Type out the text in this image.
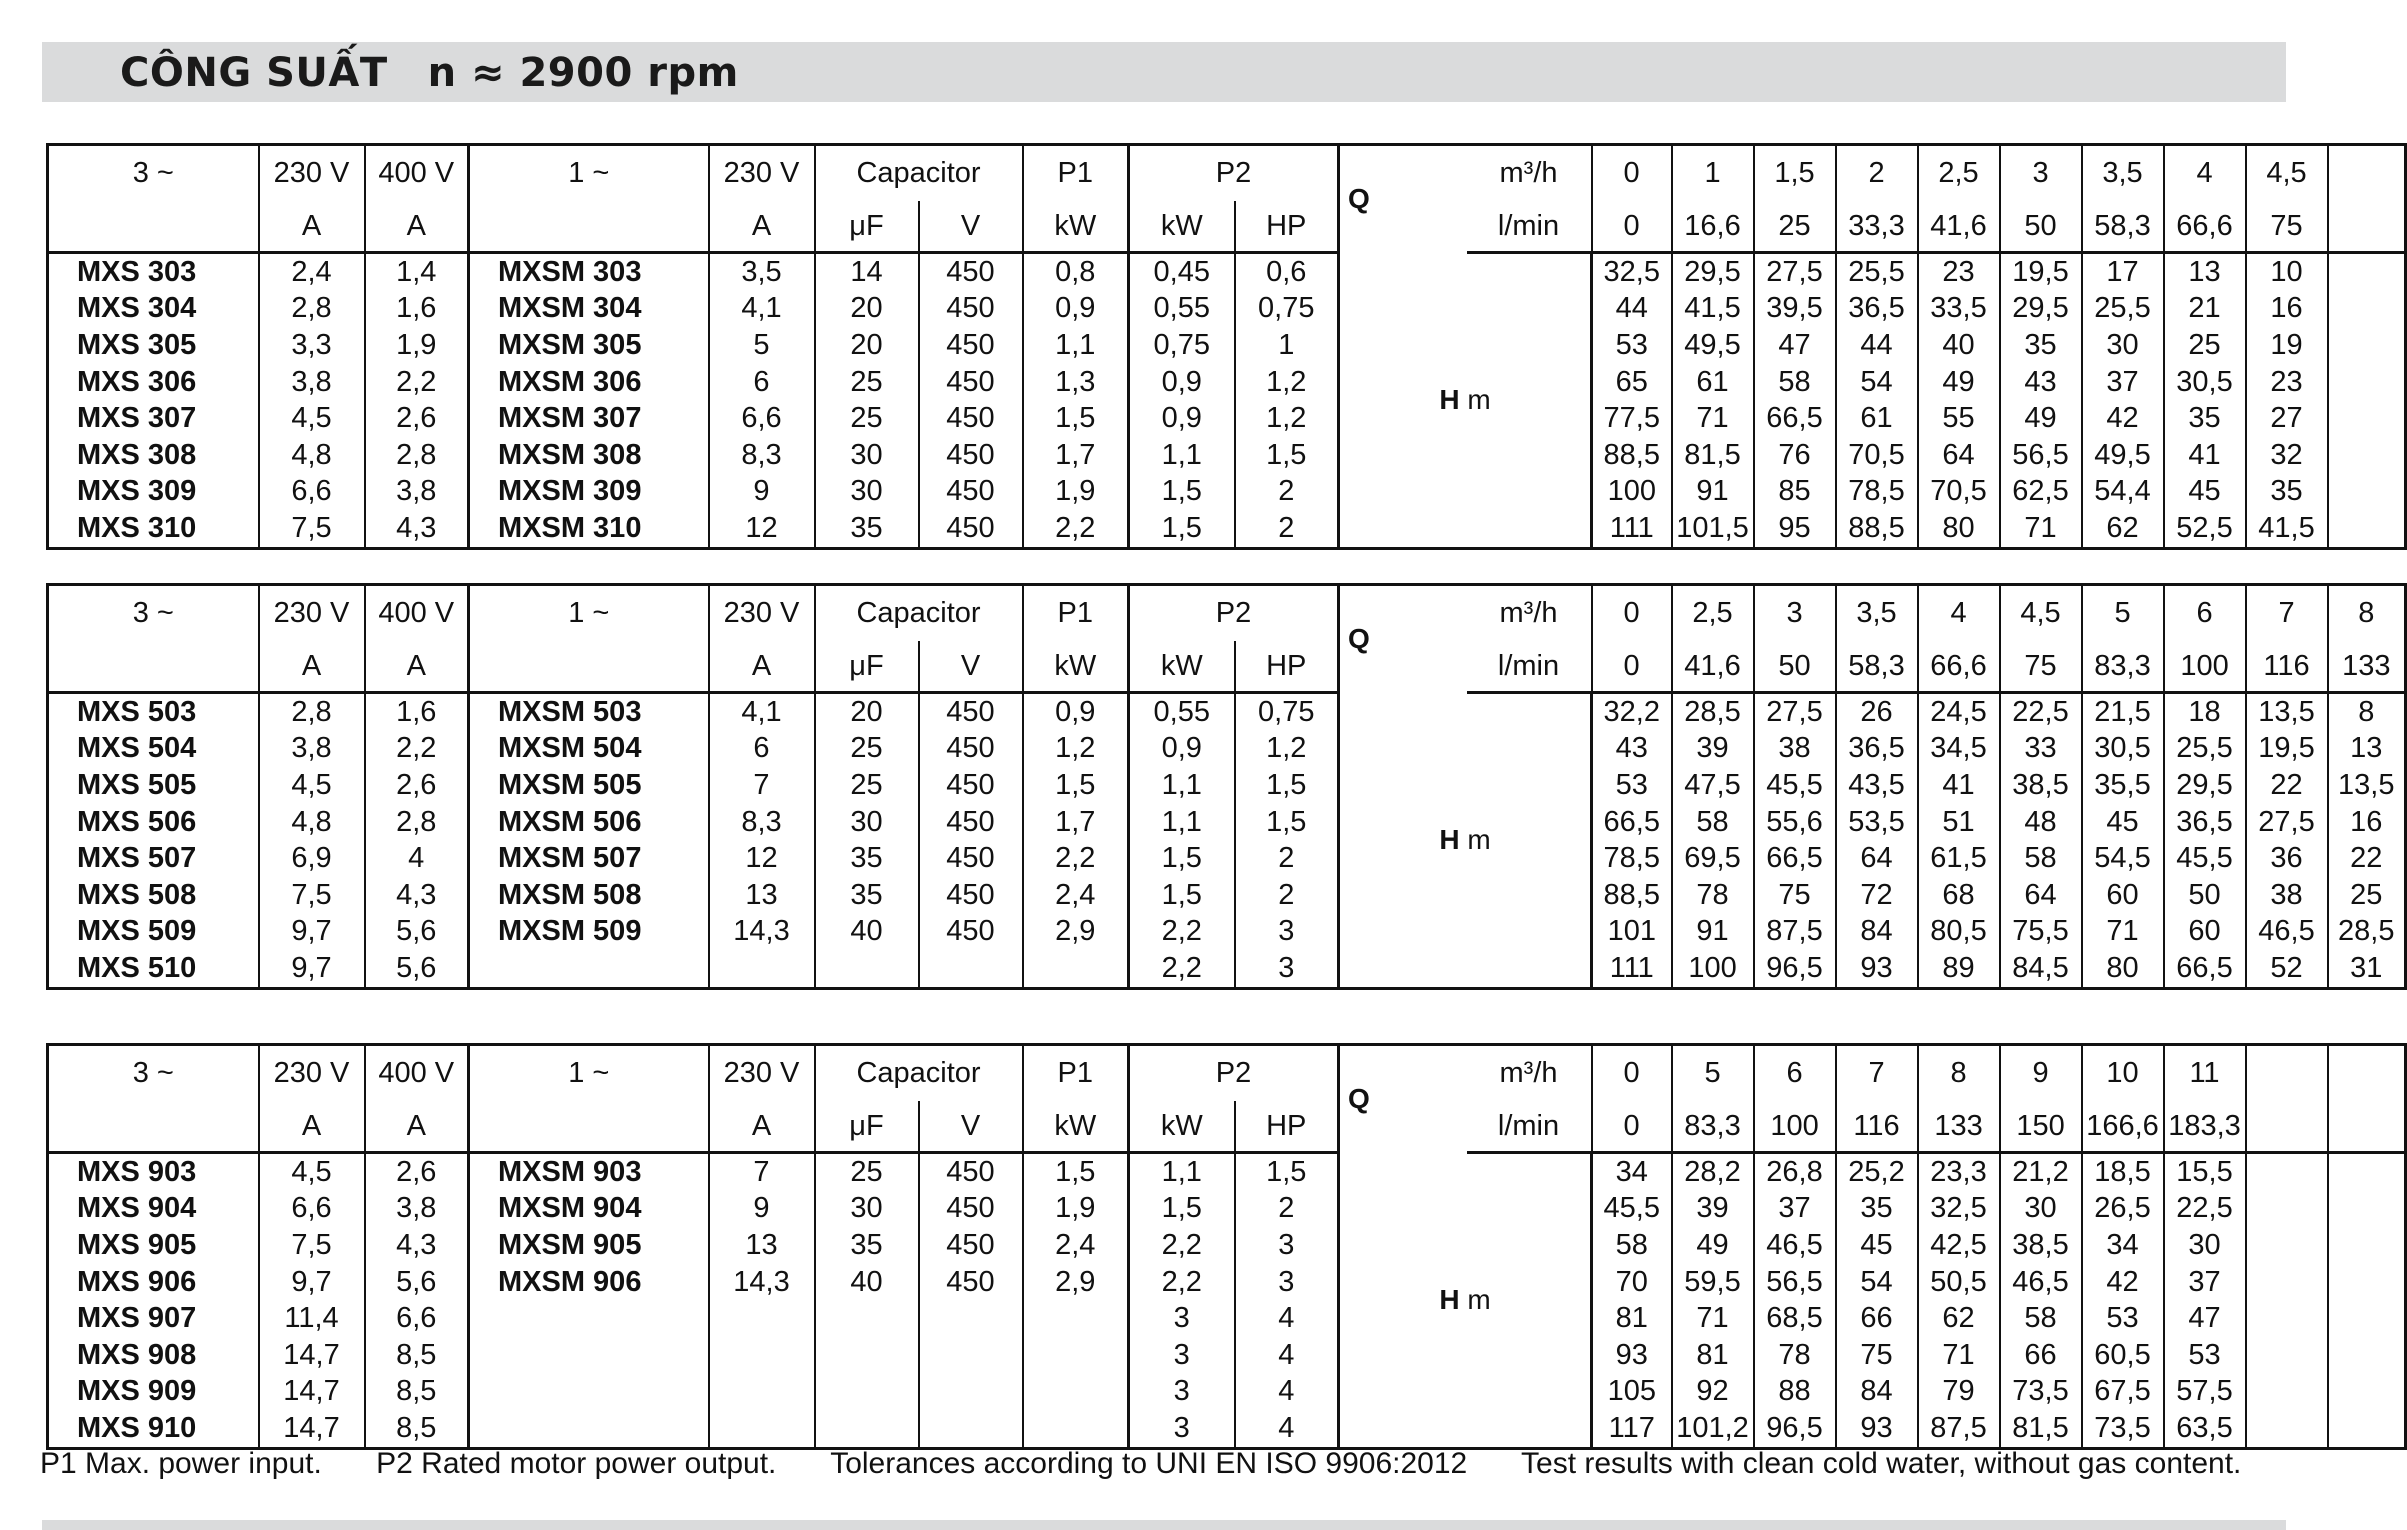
CÔNG SUẤT n ≈ 2900 rpm
3 ~	230 V	400 V	1 ~	230 V	Capacitor		P1	P2		Q	m³/h	0	1	1,5	2	2,5	3	3,5	4	4,5	
	A	A		A	μF	V	kW	kW	HP		l/min	0	16,6	25	33,3	41,6	50	58,3	66,6	75	
MXS 303	2,4	1,4	MXSM 303	3,5	14	450	0,8	0,45	0,6	H m		32,5	29,5	27,5	25,5	23	19,5	17	13	10	
MXS 304	2,8	1,6	MXSM 304	4,1	20	450	0,9	0,55	0,75			44	41,5	39,5	36,5	33,5	29,5	25,5	21	16	
MXS 305	3,3	1,9	MXSM 305	5	20	450	1,1	0,75	1			53	49,5	47	44	40	35	30	25	19	
MXS 306	3,8	2,2	MXSM 306	6	25	450	1,3	0,9	1,2			65	61	58	54	49	43	37	30,5	23	
MXS 307	4,5	2,6	MXSM 307	6,6	25	450	1,5	0,9	1,2			77,5	71	66,5	61	55	49	42	35	27	
MXS 308	4,8	2,8	MXSM 308	8,3	30	450	1,7	1,1	1,5			88,5	81,5	76	70,5	64	56,5	49,5	41	32	
MXS 309	6,6	3,8	MXSM 309	9	30	450	1,9	1,5	2			100	91	85	78,5	70,5	62,5	54,4	45	35	
MXS 310	7,5	4,3	MXSM 310	12	35	450	2,2	1,5	2			111	101,5	95	88,5	80	71	62	52,5	41,5	
3 ~	230 V	400 V	1 ~	230 V	Capacitor		P1	P2		Q	m³/h	0	2,5	3	3,5	4	4,5	5	6	7	8
	A	A		A	μF	V	kW	kW	HP		l/min	0	41,6	50	58,3	66,6	75	83,3	100	116	133
MXS 503	2,8	1,6	MXSM 503	4,1	20	450	0,9	0,55	0,75	H m		32,2	28,5	27,5	26	24,5	22,5	21,5	18	13,5	8
MXS 504	3,8	2,2	MXSM 504	6	25	450	1,2	0,9	1,2			43	39	38	36,5	34,5	33	30,5	25,5	19,5	13
MXS 505	4,5	2,6	MXSM 505	7	25	450	1,5	1,1	1,5			53	47,5	45,5	43,5	41	38,5	35,5	29,5	22	13,5
MXS 506	4,8	2,8	MXSM 506	8,3	30	450	1,7	1,1	1,5			66,5	58	55,6	53,5	51	48	45	36,5	27,5	16
MXS 507	6,9	4	MXSM 507	12	35	450	2,2	1,5	2			78,5	69,5	66,5	64	61,5	58	54,5	45,5	36	22
MXS 508	7,5	4,3	MXSM 508	13	35	450	2,4	1,5	2			88,5	78	75	72	68	64	60	50	38	25
MXS 509	9,7	5,6	MXSM 509	14,3	40	450	2,9	2,2	3			101	91	87,5	84	80,5	75,5	71	60	46,5	28,5
MXS 510	9,7	5,6						2,2	3			111	100	96,5	93	89	84,5	80	66,5	52	31
3 ~	230 V	400 V	1 ~	230 V	Capacitor		P1	P2		Q	m³/h	0	5	6	7	8	9	10	11		
	A	A		A	μF	V	kW	kW	HP		l/min	0	83,3	100	116	133	150	166,6	183,3		
MXS 903	4,5	2,6	MXSM 903	7	25	450	1,5	1,1	1,5	H m		34	28,2	26,8	25,2	23,3	21,2	18,5	15,5		
MXS 904	6,6	3,8	MXSM 904	9	30	450	1,9	1,5	2			45,5	39	37	35	32,5	30	26,5	22,5		
MXS 905	7,5	4,3	MXSM 905	13	35	450	2,4	2,2	3			58	49	46,5	45	42,5	38,5	34	30		
MXS 906	9,7	5,6	MXSM 906	14,3	40	450	2,9	2,2	3			70	59,5	56,5	54	50,5	46,5	42	37		
MXS 907	11,4	6,6						3	4			81	71	68,5	66	62	58	53	47		
MXS 908	14,7	8,5						3	4			93	81	78	75	71	66	60,5	53		
MXS 909	14,7	8,5						3	4			105	92	88	84	79	73,5	67,5	57,5		
MXS 910	14,7	8,5						3	4			117	101,2	96,5	93	87,5	81,5	73,5	63,5		
P1 Max. power input. P2 Rated motor power output. Tolerances according to UNI EN ISO 9906:2012 Test results with clean cold water, without gas content.
